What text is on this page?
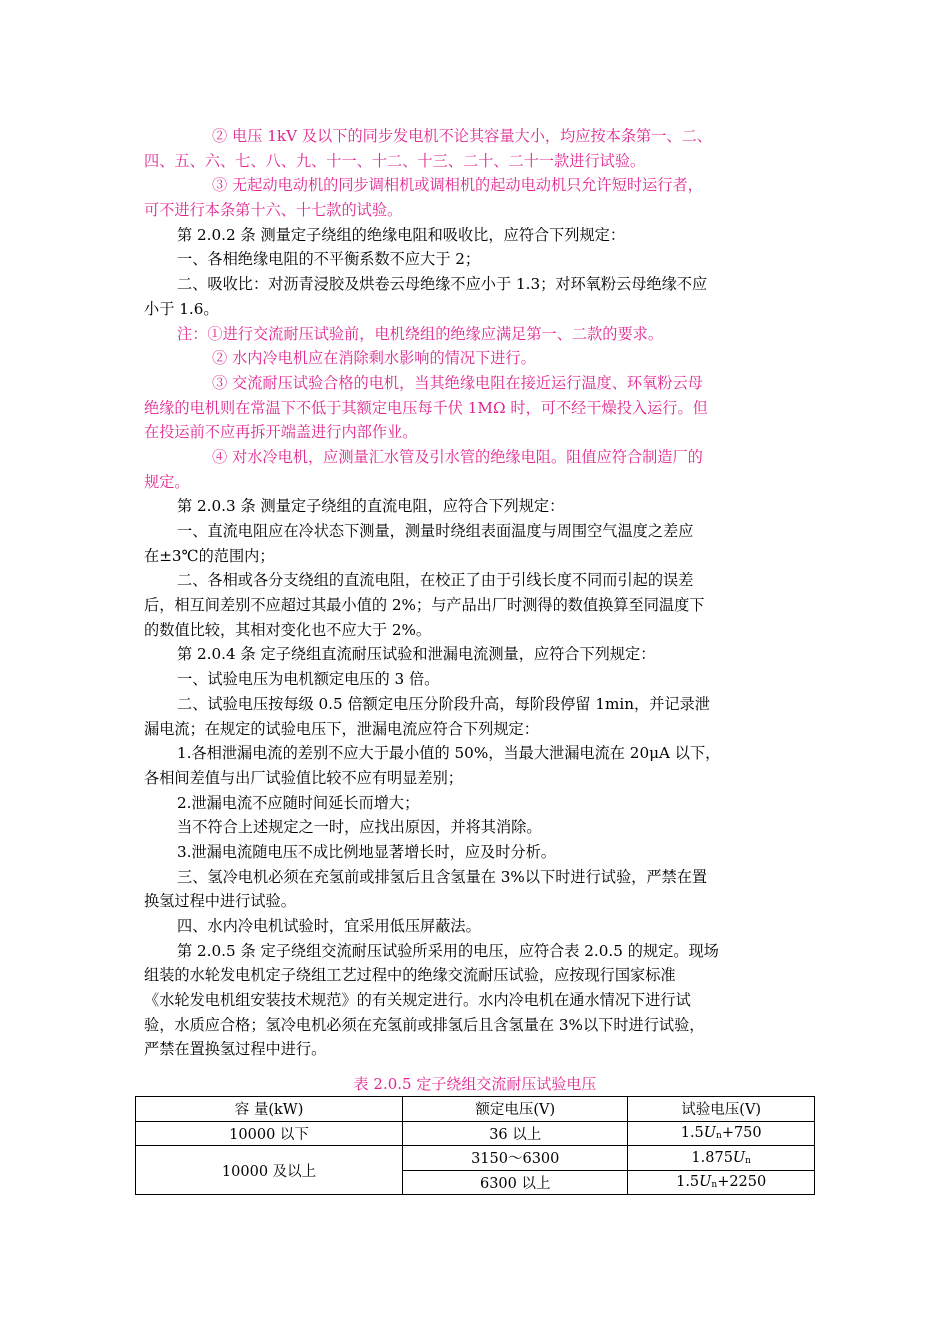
② 电压 1kV 及以下的同步发电机不论其容量大小，均应按本条第一、二、
四、五、六、七、八、九、十一、十二、十三、二十、二十一款进行试验。
③ 无起动电动机的同步调相机或调相机的起动电动机只允许短时运行者，
可不进行本条第十六、十七款的试验。
第 2.0.2 条 测量定子绕组的绝缘电阻和吸收比，应符合下列规定：
一、各相绝缘电阻的不平衡系数不应大于 2；
二、吸收比：对沥青浸胶及烘卷云母绝缘不应小于 1.3；对环氧粉云母绝缘不应
小于 1.6。
注：①进行交流耐压试验前，电机绕组的绝缘应满足第一、二款的要求。
② 水内冷电机应在消除剩水影响的情况下进行。
③ 交流耐压试验合格的电机，当其绝缘电阻在接近运行温度、环氧粉云母
绝缘的电机则在常温下不低于其额定电压每千伏 1MΩ 时，可不经干燥投入运行。但
在投运前不应再拆开端盖进行内部作业。
④ 对水冷电机，应测量汇水管及引水管的绝缘电阻。阻值应符合制造厂的
规定。
第 2.0.3 条 测量定子绕组的直流电阻，应符合下列规定：
一、直流电阻应在冷状态下测量，测量时绕组表面温度与周围空气温度之差应
在±3℃的范围内；
二、各相或各分支绕组的直流电阻，在校正了由于引线长度不同而引起的误差
后，相互间差别不应超过其最小值的 2%；与产品出厂时测得的数值换算至同温度下
的数值比较，其相对变化也不应大于 2%。
第 2.0.4 条 定子绕组直流耐压试验和泄漏电流测量，应符合下列规定：
一、试验电压为电机额定电压的 3 倍。
二、试验电压按每级 0.5 倍额定电压分阶段升高，每阶段停留 1min，并记录泄
漏电流；在规定的试验电压下，泄漏电流应符合下列规定：
1.各相泄漏电流的差别不应大于最小值的 50%，当最大泄漏电流在 20μA 以下，
各相间差值与出厂试验值比较不应有明显差别；
2.泄漏电流不应随时间延长而增大；
当不符合上述规定之一时，应找出原因，并将其消除。
3.泄漏电流随电压不成比例地显著增长时，应及时分析。
三、氢冷电机必须在充氢前或排氢后且含氢量在 3%以下时进行试验，严禁在置
换氢过程中进行试验。
四、水内冷电机试验时，宜采用低压屏蔽法。
第 2.0.5 条 定子绕组交流耐压试验所采用的电压，应符合表 2.0.5 的规定。现场
组装的水轮发电机定子绕组工艺过程中的绝缘交流耐压试验，应按现行国家标准
《水轮发电机组安装技术规范》的有关规定进行。水内冷电机在通水情况下进行试
验，水质应合格；氢冷电机必须在充氢前或排氢后且含氢量在 3%以下时进行试验，
严禁在置换氢过程中进行。
表 2.0.5 定子绕组交流耐压试验电压
容 量(kW)	额定电压(V)	试验电压(V)
10000 以下	36 以上	$1.5U_n+750$
10000 及以上	3150～6300	$1.875U_n$
	6300 以上	$1.5U_n+2250$
